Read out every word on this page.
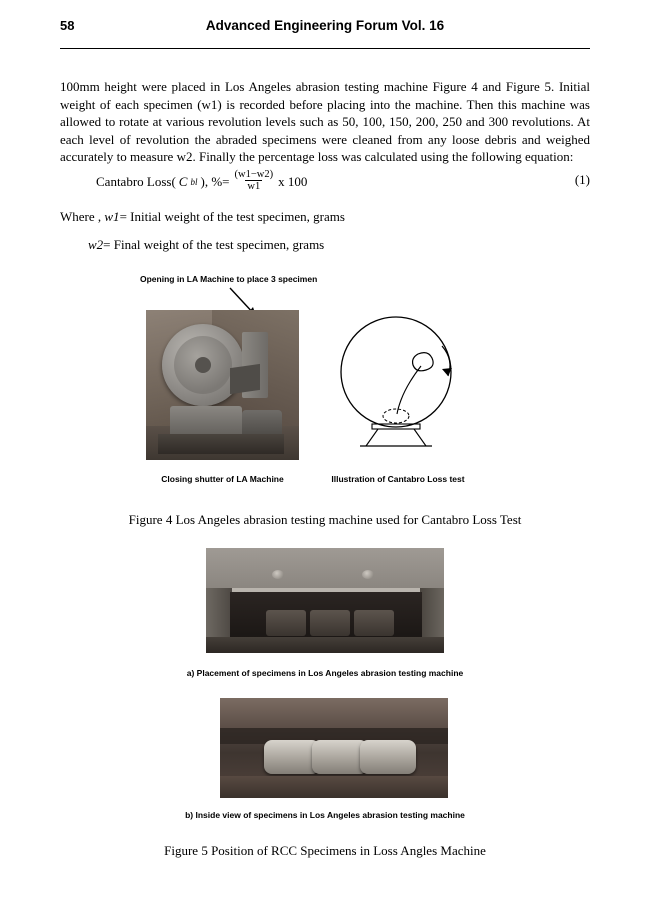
Advanced Engineering Forum Vol. 16
58
100mm height were placed in Los Angeles abrasion testing machine Figure 4 and Figure 5. Initial weight of each specimen (w1) is recorded before placing into the machine. Then this machine was allowed to rotate at various revolution levels such as 50, 100, 150, 200, 250 and 300 revolutions. At each level of revolution the abraded specimens were cleaned from any loose debris and weighed accurately to measure w2. Finally the percentage loss was calculated using the following equation:
Cantabro Loss( C bl ), %= $\frac{(w1-w2)}{w1}$ x 100	(1)
Where , w1= Initial weight of the test specimen, grams
w2= Final weight of the test specimen, grams
Opening in LA Machine to place 3 specimen
Closing shutter of LA Machine	Illustration of Cantabro Loss test
Figure 4 Los Angeles abrasion testing machine used for Cantabro Loss Test
a) Placement of specimens in Los Angeles abrasion testing machine
b) Inside view of specimens in Los Angeles abrasion testing machine
Figure 5 Position of RCC Specimens in Loss Angles Machine
